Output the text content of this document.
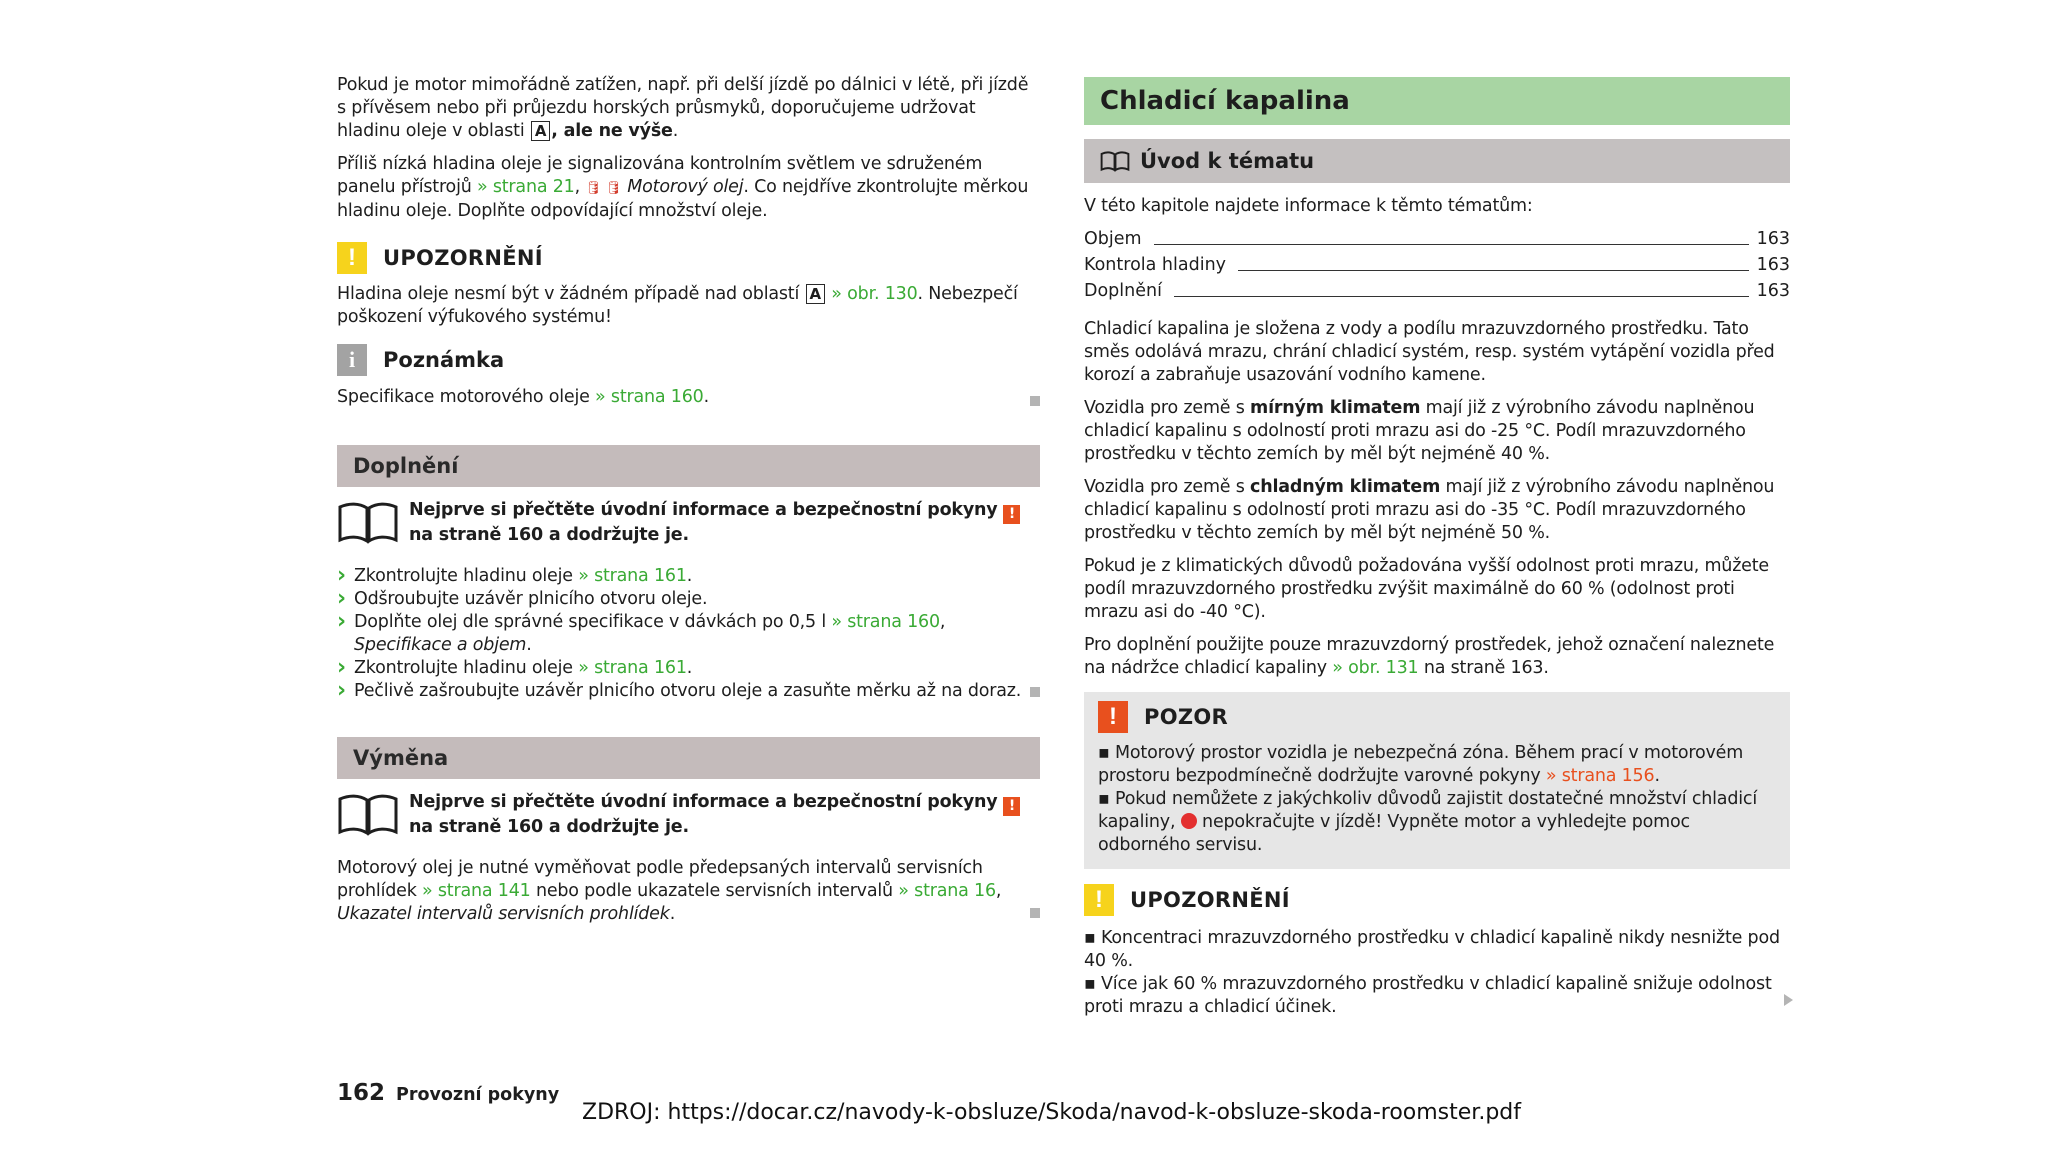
Pokud je motor mimořádně zatížen, např. při delší jízdě po dálnici v létě, při jízdě s přívěsem nebo při průjezdu horských průsmyků, doporučujeme udržovat hladinu oleje v oblasti A , ale ne výše.

Příliš nízká hladina oleje je signalizována kontrolním světlem ve sdruženém panelu přístrojů » strana 21, 🛢 🛢 Motorový olej. Co nejdříve zkontrolujte měrkou hladinu oleje. Doplňte odpovídající množství oleje.

!	UPOZORNĚNÍ

Hladina oleje nesmí být v žádném případě nad oblastí A » obr. 130. Nebezpečí poškození výfukového systému!

i	Poznámka

Specifikace motorového oleje » strana 160.

Doplnění

Nejprve si přečtěte úvodní informace a bezpečnostní pokyny ! na straně 160 a dodržujte je.

› Zkontrolujte hladinu oleje » strana 161.
› Odšroubujte uzávěr plnicího otvoru oleje.
› Doplňte olej dle správné specifikace v dávkách po 0,5 l » strana 160, Specifikace a objem.
› Zkontrolujte hladinu oleje » strana 161.
› Pečlivě zašroubujte uzávěr plnicího otvoru oleje a zasuňte měrku až na doraz.
Výměna

Nejprve si přečtěte úvodní informace a bezpečnostní pokyny ! na straně 160 a dodržujte je.

Motorový olej je nutné vyměňovat podle předepsaných intervalů servisních prohlídek » strana 141 nebo podle ukazatele servisních intervalů » strana 16, Ukazatel intervalů servisních prohlídek.

Chladicí kapalina
Úvod k tématu

V této kapitole najdete informace k těmto tématům:

Objem	163
Kontrola hladiny	163
Doplnění	163

Chladicí kapalina je složena z vody a podílu mrazuvzdorného prostředku. Tato směs odolává mrazu, chrání chladicí systém, resp. systém vytápění vozidla před korozí a zabraňuje usazování vodního kamene.

Vozidla pro země s mírným klimatem mají již z výrobního závodu naplněnou chladicí kapalinu s odolností proti mrazu asi do -25 °C. Podíl mrazuvzdorného prostředku v těchto zemích by měl být nejméně 40 %.

Vozidla pro země s chladným klimatem mají již z výrobního závodu naplněnou chladicí kapalinu s odolností proti mrazu asi do -35 °C. Podíl mrazuvzdorného prostředku v těchto zemích by měl být nejméně 50 %.

Pokud je z klimatických důvodů požadována vyšší odolnost proti mrazu, můžete podíl mrazuvzdorného prostředku zvýšit maximálně do 60 % (odolnost proti mrazu asi do -40 °C).

Pro doplnění použijte pouze mrazuvzdorný prostředek, jehož označení naleznete na nádržce chladicí kapaliny » obr. 131 na straně 163.

!	POZOR

▪ Motorový prostor vozidla je nebezpečná zóna. Během prací v motorovém prostoru bezpodmínečně dodržujte varovné pokyny » strana 156.

▪ Pokud nemůžete z jakýchkoliv důvodů zajistit dostatečné množství chladicí kapaliny,  nepokračujte v jízdě! Vypněte motor a vyhledejte pomoc odborného servisu.

!	UPOZORNĚNÍ

▪ Koncentraci mrazuvzdorného prostředku v chladicí kapalině nikdy nesnižte pod 40 %.

▪ Více jak 60 % mrazuvzdorného prostředku v chladicí kapalině snižuje odolnost proti mrazu a chladicí účinek.

162 Provozní pokyny
ZDROJ: https://docar.cz/navody-k-obsluze/Skoda/navod-k-obsluze-skoda-roomster.pdf
